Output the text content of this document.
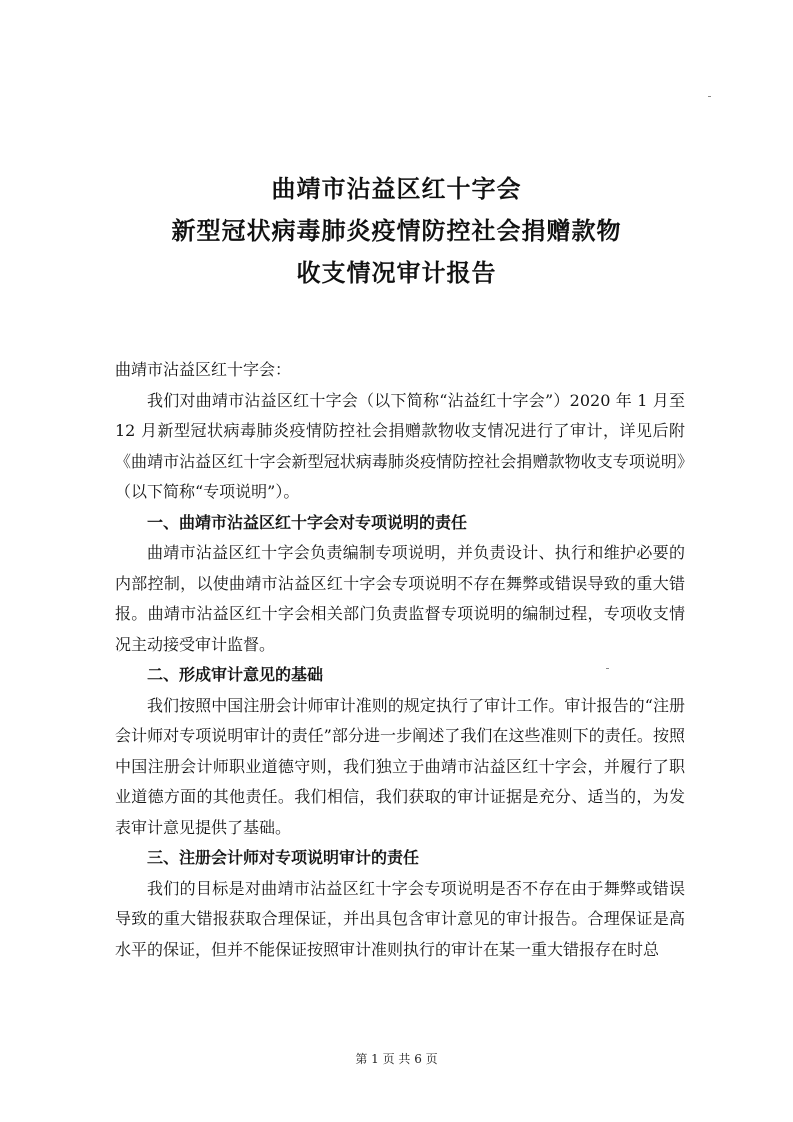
曲靖市沾益区红十字会
新型冠状病毒肺炎疫情防控社会捐赠款物
收支情况审计报告

曲靖市沾益区红十字会：

我们对曲靖市沾益区红十字会（以下简称“沾益红十字会”）2020 年 1 月至 12 月新型冠状病毒肺炎疫情防控社会捐赠款物收支情况进行了审计，详见后附《曲靖市沾益区红十字会新型冠状病毒肺炎疫情防控社会捐赠款物收支专项说明》（以下简称“专项说明”）。

一、曲靖市沾益区红十字会对专项说明的责任

曲靖市沾益区红十字会负责编制专项说明，并负责设计、执行和维护必要的内部控制，以使曲靖市沾益区红十字会专项说明不存在舞弊或错误导致的重大错报。曲靖市沾益区红十字会相关部门负责监督专项说明的编制过程，专项收支情况主动接受审计监督。

二、形成审计意见的基础

我们按照中国注册会计师审计准则的规定执行了审计工作。审计报告的“注册会计师对专项说明审计的责任”部分进一步阐述了我们在这些准则下的责任。按照中国注册会计师职业道德守则，我们独立于曲靖市沾益区红十字会，并履行了职业道德方面的其他责任。我们相信，我们获取的审计证据是充分、适当的，为发表审计意见提供了基础。

三、注册会计师对专项说明审计的责任

我们的目标是对曲靖市沾益区红十字会专项说明是否不存在由于舞弊或错误导致的重大错报获取合理保证，并出具包含审计意见的审计报告。合理保证是高水平的保证，但并不能保证按照审计准则执行的审计在某一重大错报存在时总

第 1 页 共 6 页
